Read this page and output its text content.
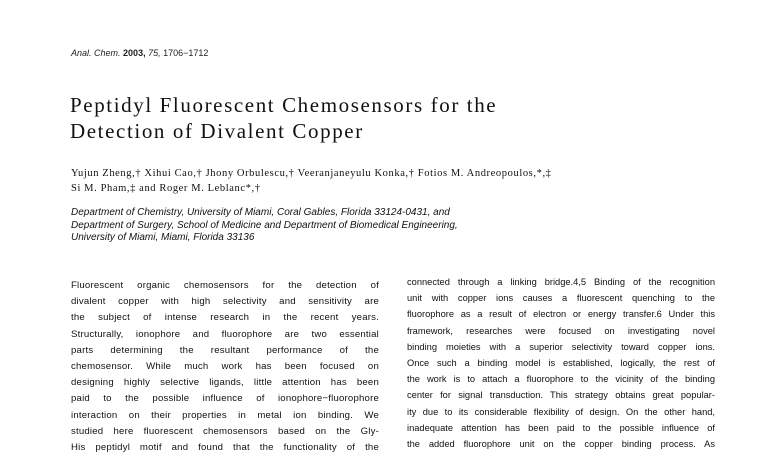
Anal. Chem. 2003, 75, 1706−1712
Peptidyl Fluorescent Chemosensors for the
Detection of Divalent Copper
Yujun Zheng,† Xihui Cao,† Jhony Orbulescu,† Veeranjaneyulu Konka,† Fotios M. Andreopoulos,*,‡
Si M. Pham,‡ and Roger M. Leblanc*,†
Department of Chemistry, University of Miami, Coral Gables, Florida 33124-0431, and
Department of Surgery, School of Medicine and Department of Biomedical Engineering,
University of Miami, Miami, Florida 33136
Fluorescent organic chemosensors for the detection of
divalent copper with high selectivity and sensitivity are
the subject of intense research in the recent years.
Structurally, ionophore and fluorophore are two essential
parts determining the resultant performance of the
chemosensor. While much work has been focused on
designing highly selective ligands, little attention has been
paid to the possible influence of ionophore−fluorophore
interaction on their properties in metal ion binding. We
studied here fluorescent chemosensors based on the Gly-
His peptidyl motif and found that the functionality of the
connected through a linking bridge.4,5 Binding of the recognition
unit with copper ions causes a fluorescent quenching to the
fluorophore as a result of electron or energy transfer.6 Under this
framework, researches were focused on investigating novel
binding moieties with a superior selectivity toward copper ions.
Once such a binding model is established, logically, the rest of
the work is to attach a fluorophore to the vicinity of the binding
center for signal transduction. This strategy obtains great popular-
ity due to its considerable flexibility of design. On the other hand,
inadequate attention has been paid to the possible influence of
the added fluorophore unit on the copper binding process. As
